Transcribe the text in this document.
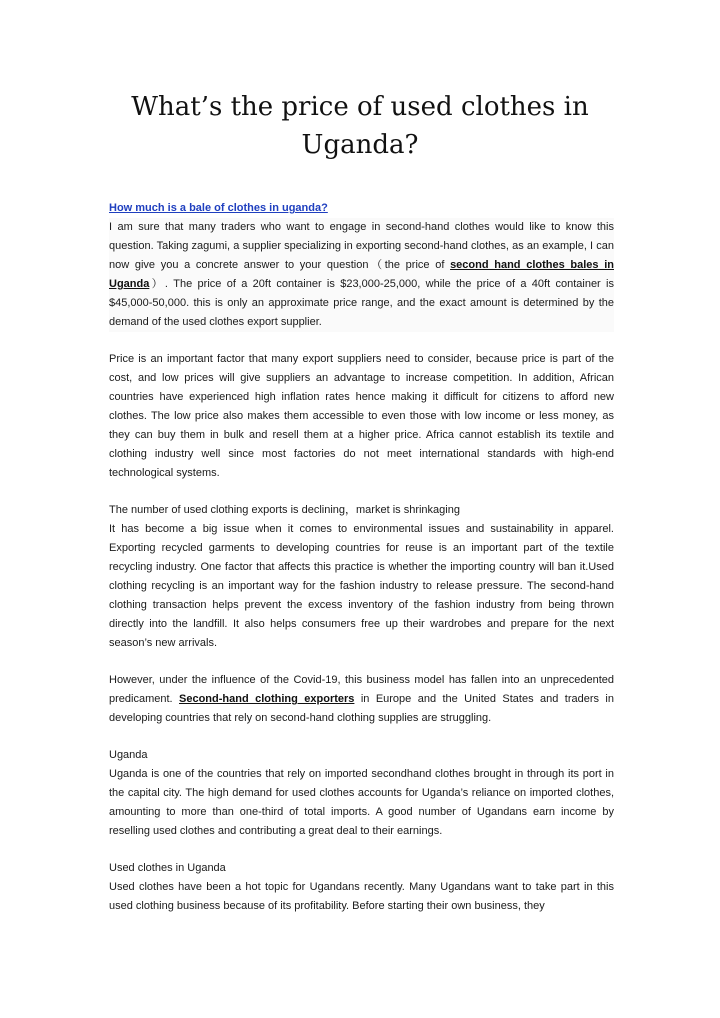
What’s the price of used clothes in Uganda?

How much is a bale of clothes in uganda?

I am sure that many traders who want to engage in second-hand clothes would like to know this question. Taking zagumi, a supplier specializing in exporting second-hand clothes, as an example, I can now give you a concrete answer to your question（the price of second hand clothes bales in Uganda）. The price of a 20ft container is $23,000-25,000, while the price of a 40ft container is $45,000-50,000. this is only an approximate price range, and the exact amount is determined by the demand of the used clothes export supplier.

Price is an important factor that many export suppliers need to consider, because price is part of the cost, and low prices will give suppliers an advantage to increase competition. In addition, African countries have experienced high inflation rates hence making it difficult for citizens to afford new clothes. The low price also makes them accessible to even those with low income or less money, as they can buy them in bulk and resell them at a higher price. Africa cannot establish its textile and clothing industry well since most factories do not meet international standards with high-end technological systems.

The number of used clothing exports is declining，market is shrinkaging

It has become a big issue when it comes to environmental issues and sustainability in apparel. Exporting recycled garments to developing countries for reuse is an important part of the textile recycling industry. One factor that affects this practice is whether the importing country will ban it.Used clothing recycling is an important way for the fashion industry to release pressure. The second-hand clothing transaction helps prevent the excess inventory of the fashion industry from being thrown directly into the landfill. It also helps consumers free up their wardrobes and prepare for the next season’s new arrivals.

However, under the influence of the Covid-19, this business model has fallen into an unprecedented predicament. Second-hand clothing exporters in Europe and the United States and traders in developing countries that rely on second-hand clothing supplies are struggling.

Uganda

Uganda is one of the countries that rely on imported secondhand clothes brought in through its port in the capital city. The high demand for used clothes accounts for Uganda’s reliance on imported clothes, amounting to more than one-third of total imports. A good number of Ugandans earn income by reselling used clothes and contributing a great deal to their earnings.

Used clothes in Uganda

Used clothes have been a hot topic for Ugandans recently. Many Ugandans want to take part in this used clothing business because of its profitability. Before starting their own business, they
